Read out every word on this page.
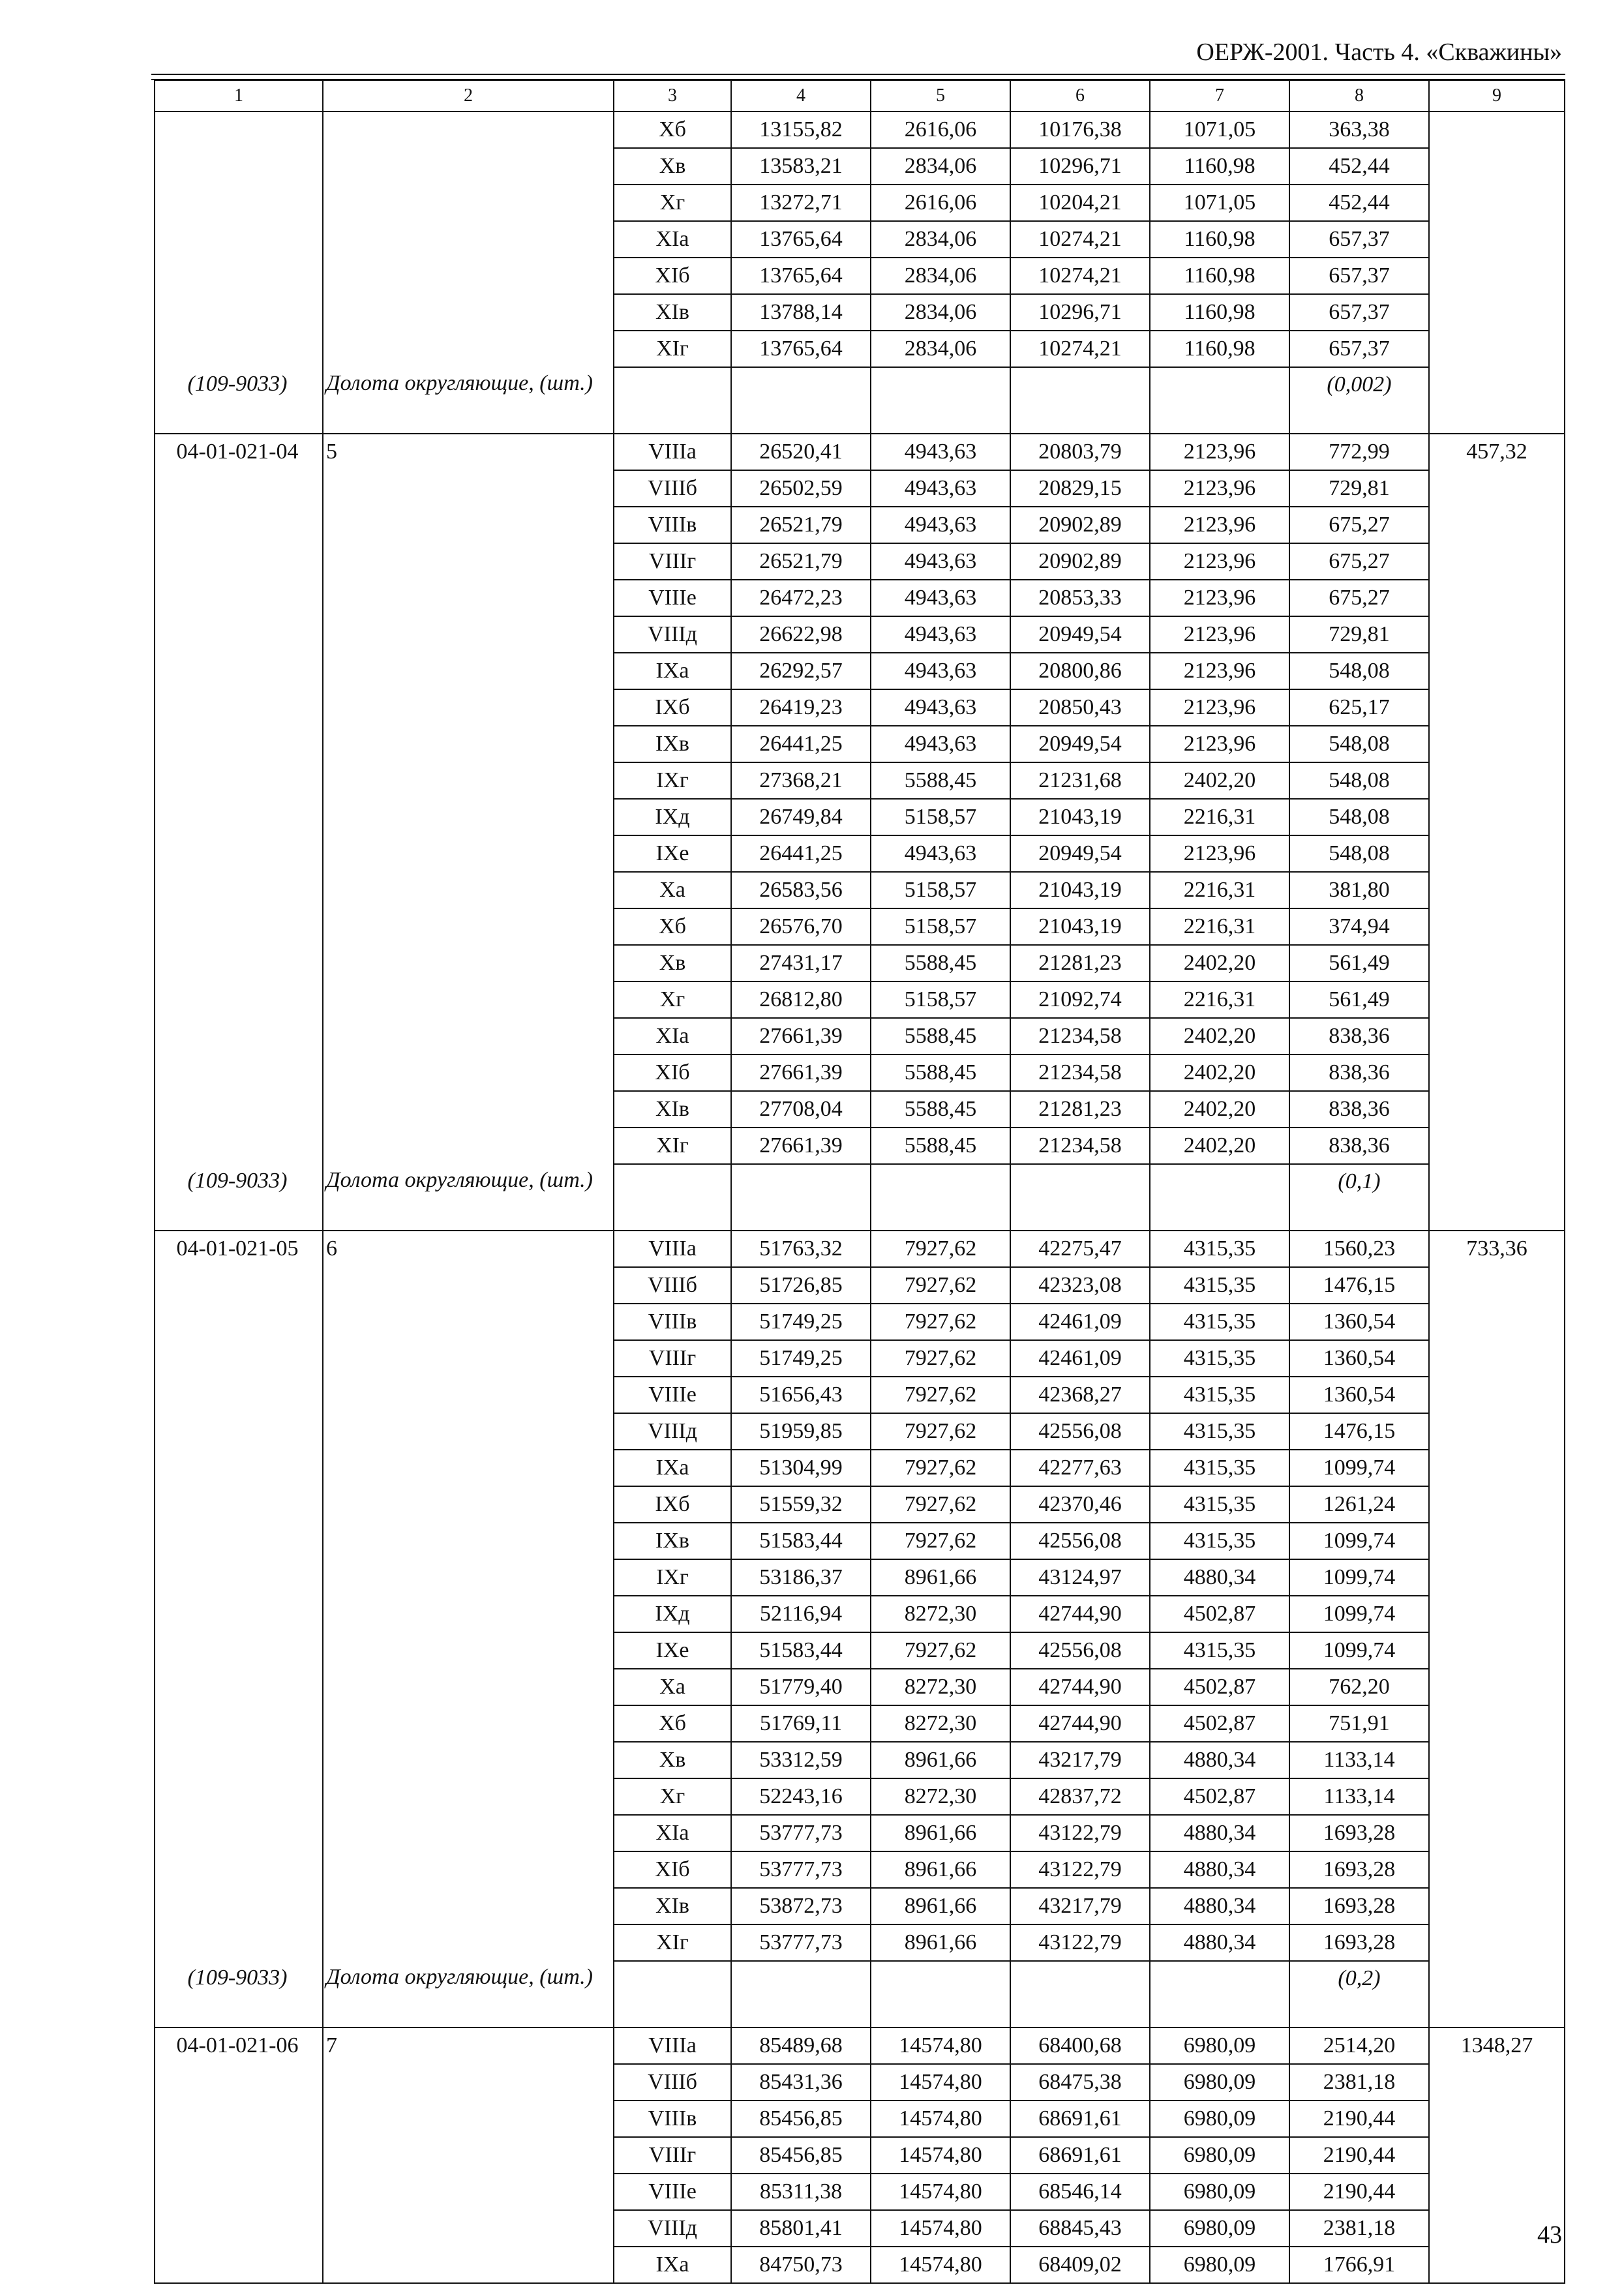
ОЕРЖ-2001. Часть 4. «Скважины»
1	2	3	4	5	6	7	8	9
		Xб	13155,82	2616,06	10176,38	1071,05	363,38	
		Xв	13583,21	2834,06	10296,71	1160,98	452,44	
		Xг	13272,71	2616,06	10204,21	1071,05	452,44	
		XIа	13765,64	2834,06	10274,21	1160,98	657,37	
		XIб	13765,64	2834,06	10274,21	1160,98	657,37	
		XIв	13788,14	2834,06	10296,71	1160,98	657,37	
		XIг	13765,64	2834,06	10274,21	1160,98	657,37	
(109-9033)	Долота округляющие, (шт.)						(0,002)	
04-01-021-04	5	VIIIа	26520,41	4943,63	20803,79	2123,96	772,99	457,32
		VIIIб	26502,59	4943,63	20829,15	2123,96	729,81	
		VIIIв	26521,79	4943,63	20902,89	2123,96	675,27	
		VIIIг	26521,79	4943,63	20902,89	2123,96	675,27	
		VIIIе	26472,23	4943,63	20853,33	2123,96	675,27	
		VIIIд	26622,98	4943,63	20949,54	2123,96	729,81	
		IXа	26292,57	4943,63	20800,86	2123,96	548,08	
		IXб	26419,23	4943,63	20850,43	2123,96	625,17	
		IXв	26441,25	4943,63	20949,54	2123,96	548,08	
		IXг	27368,21	5588,45	21231,68	2402,20	548,08	
		IXд	26749,84	5158,57	21043,19	2216,31	548,08	
		IXе	26441,25	4943,63	20949,54	2123,96	548,08	
		Xа	26583,56	5158,57	21043,19	2216,31	381,80	
		Xб	26576,70	5158,57	21043,19	2216,31	374,94	
		Xв	27431,17	5588,45	21281,23	2402,20	561,49	
		Xг	26812,80	5158,57	21092,74	2216,31	561,49	
		XIа	27661,39	5588,45	21234,58	2402,20	838,36	
		XIб	27661,39	5588,45	21234,58	2402,20	838,36	
		XIв	27708,04	5588,45	21281,23	2402,20	838,36	
		XIг	27661,39	5588,45	21234,58	2402,20	838,36	
(109-9033)	Долота округляющие, (шт.)						(0,1)	
04-01-021-05	6	VIIIа	51763,32	7927,62	42275,47	4315,35	1560,23	733,36
		VIIIб	51726,85	7927,62	42323,08	4315,35	1476,15	
		VIIIв	51749,25	7927,62	42461,09	4315,35	1360,54	
		VIIIг	51749,25	7927,62	42461,09	4315,35	1360,54	
		VIIIе	51656,43	7927,62	42368,27	4315,35	1360,54	
		VIIIд	51959,85	7927,62	42556,08	4315,35	1476,15	
		IXа	51304,99	7927,62	42277,63	4315,35	1099,74	
		IXб	51559,32	7927,62	42370,46	4315,35	1261,24	
		IXв	51583,44	7927,62	42556,08	4315,35	1099,74	
		IXг	53186,37	8961,66	43124,97	4880,34	1099,74	
		IXд	52116,94	8272,30	42744,90	4502,87	1099,74	
		IXе	51583,44	7927,62	42556,08	4315,35	1099,74	
		Xа	51779,40	8272,30	42744,90	4502,87	762,20	
		Xб	51769,11	8272,30	42744,90	4502,87	751,91	
		Xв	53312,59	8961,66	43217,79	4880,34	1133,14	
		Xг	52243,16	8272,30	42837,72	4502,87	1133,14	
		XIа	53777,73	8961,66	43122,79	4880,34	1693,28	
		XIб	53777,73	8961,66	43122,79	4880,34	1693,28	
		XIв	53872,73	8961,66	43217,79	4880,34	1693,28	
		XIг	53777,73	8961,66	43122,79	4880,34	1693,28	
(109-9033)	Долота округляющие, (шт.)						(0,2)	
04-01-021-06	7	VIIIа	85489,68	14574,80	68400,68	6980,09	2514,20	1348,27
		VIIIб	85431,36	14574,80	68475,38	6980,09	2381,18	
		VIIIв	85456,85	14574,80	68691,61	6980,09	2190,44	
		VIIIг	85456,85	14574,80	68691,61	6980,09	2190,44	
		VIIIе	85311,38	14574,80	68546,14	6980,09	2190,44	
		VIIIд	85801,41	14574,80	68845,43	6980,09	2381,18	
		IXа	84750,73	14574,80	68409,02	6980,09	1766,91	
43
